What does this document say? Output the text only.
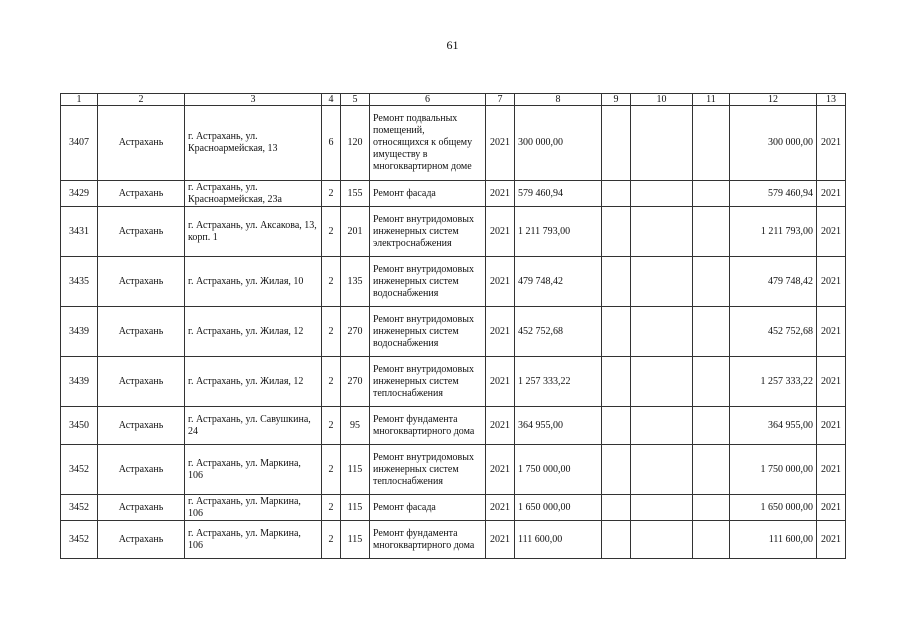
61
1	2	3	4	5	6	7	8	9	10	11	12	13
3407	Астрахань	г. Астрахань, ул. Красноармейская, 13	6	120	Ремонт подвальных помещений, относящихся к общему имуществу в многоквартирном доме	2021	300 000,00				300 000,00	2021
3429	Астрахань	г. Астрахань, ул. Красноармейская, 23а	2	155	Ремонт фасада	2021	579 460,94				579 460,94	2021
3431	Астрахань	г. Астрахань, ул. Аксакова, 13, корп. 1	2	201	Ремонт внутридомовых инженерных систем электроснабжения	2021	1 211 793,00				1 211 793,00	2021
3435	Астрахань	г. Астрахань, ул. Жилая, 10	2	135	Ремонт внутридомовых инженерных систем водоснабжения	2021	479 748,42				479 748,42	2021
3439	Астрахань	г. Астрахань, ул. Жилая, 12	2	270	Ремонт внутридомовых инженерных систем водоснабжения	2021	452 752,68				452 752,68	2021
3439	Астрахань	г. Астрахань, ул. Жилая, 12	2	270	Ремонт внутридомовых инженерных систем теплоснабжения	2021	1 257 333,22				1 257 333,22	2021
3450	Астрахань	г. Астрахань, ул. Савушкина, 24	2	95	Ремонт фундамента многоквартирного дома	2021	364 955,00				364 955,00	2021
3452	Астрахань	г. Астрахань, ул. Маркина, 106	2	115	Ремонт внутридомовых инженерных систем теплоснабжения	2021	1 750 000,00				1 750 000,00	2021
3452	Астрахань	г. Астрахань, ул. Маркина, 106	2	115	Ремонт фасада	2021	1 650 000,00				1 650 000,00	2021
3452	Астрахань	г. Астрахань, ул. Маркина, 106	2	115	Ремонт фундамента многоквартирного дома	2021	111 600,00				111 600,00	2021
